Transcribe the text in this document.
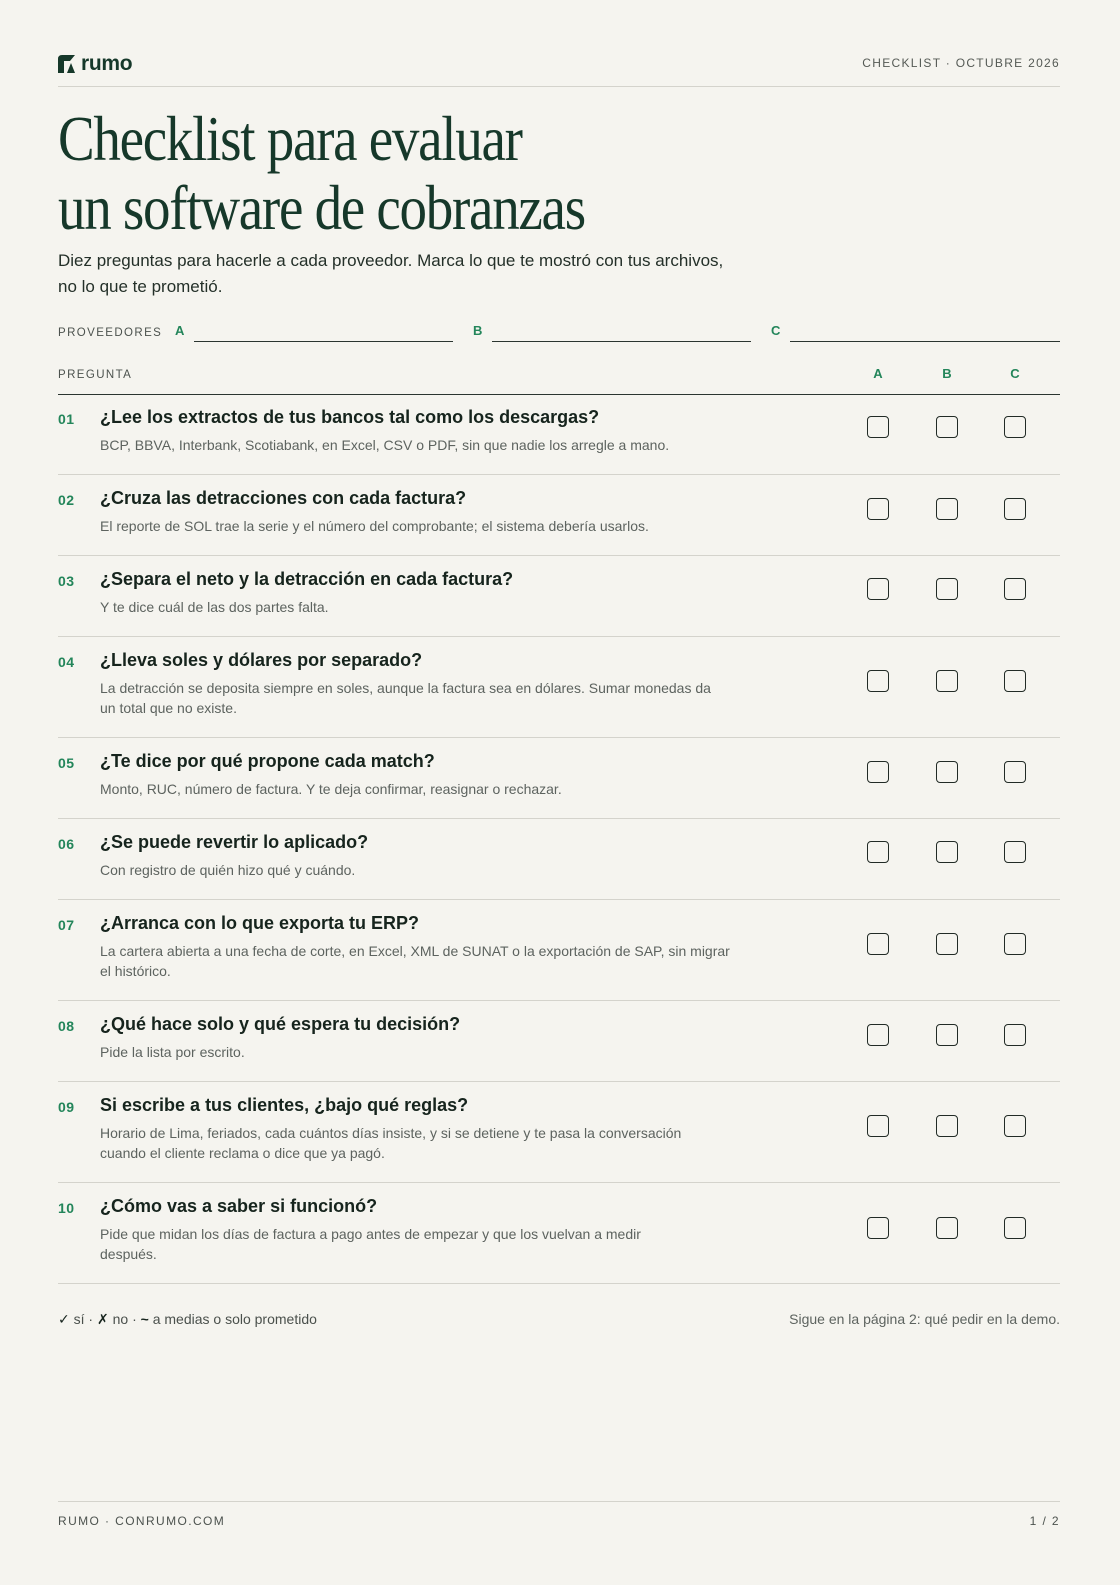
rumo	CHECKLIST · OCTUBRE 2026
Checklist para evaluar
un software de cobranzas

Diez preguntas para hacerle a cada proveedor. Marca lo que te mostró con tus archivos, no lo que te prometió.

PROVEEDORES A	B	C
PREGUNTA	A	B	C
01 ¿Lee los extractos de tus bancos tal como los descargas?
BCP, BBVA, Interbank, Scotiabank, en Excel, CSV o PDF, sin que nadie los arregle a mano.
02 ¿Cruza las detracciones con cada factura?
El reporte de SOL trae la serie y el número del comprobante; el sistema debería usarlos.
03 ¿Separa el neto y la detracción en cada factura?
Y te dice cuál de las dos partes falta.
04 ¿Lleva soles y dólares por separado?
La detracción se deposita siempre en soles, aunque la factura sea en dólares. Sumar monedas da un total que no existe.
05 ¿Te dice por qué propone cada match?
Monto, RUC, número de factura. Y te deja confirmar, reasignar o rechazar.
06 ¿Se puede revertir lo aplicado?
Con registro de quién hizo qué y cuándo.
07 ¿Arranca con lo que exporta tu ERP?
La cartera abierta a una fecha de corte, en Excel, XML de SUNAT o la exportación de SAP, sin migrar el histórico.
08 ¿Qué hace solo y qué espera tu decisión?
Pide la lista por escrito.
09 Si escribe a tus clientes, ¿bajo qué reglas?
Horario de Lima, feriados, cada cuántos días insiste, y si se detiene y te pasa la conversación cuando el cliente reclama o dice que ya pagó.
10 ¿Cómo vas a saber si funcionó?
Pide que midan los días de factura a pago antes de empezar y que los vuelvan a medir después.
✓ sí · ✗ no · ~ a medias o solo prometido	Sigue en la página 2: qué pedir en la demo.
RUMO · CONRUMO.COM	1 / 2
